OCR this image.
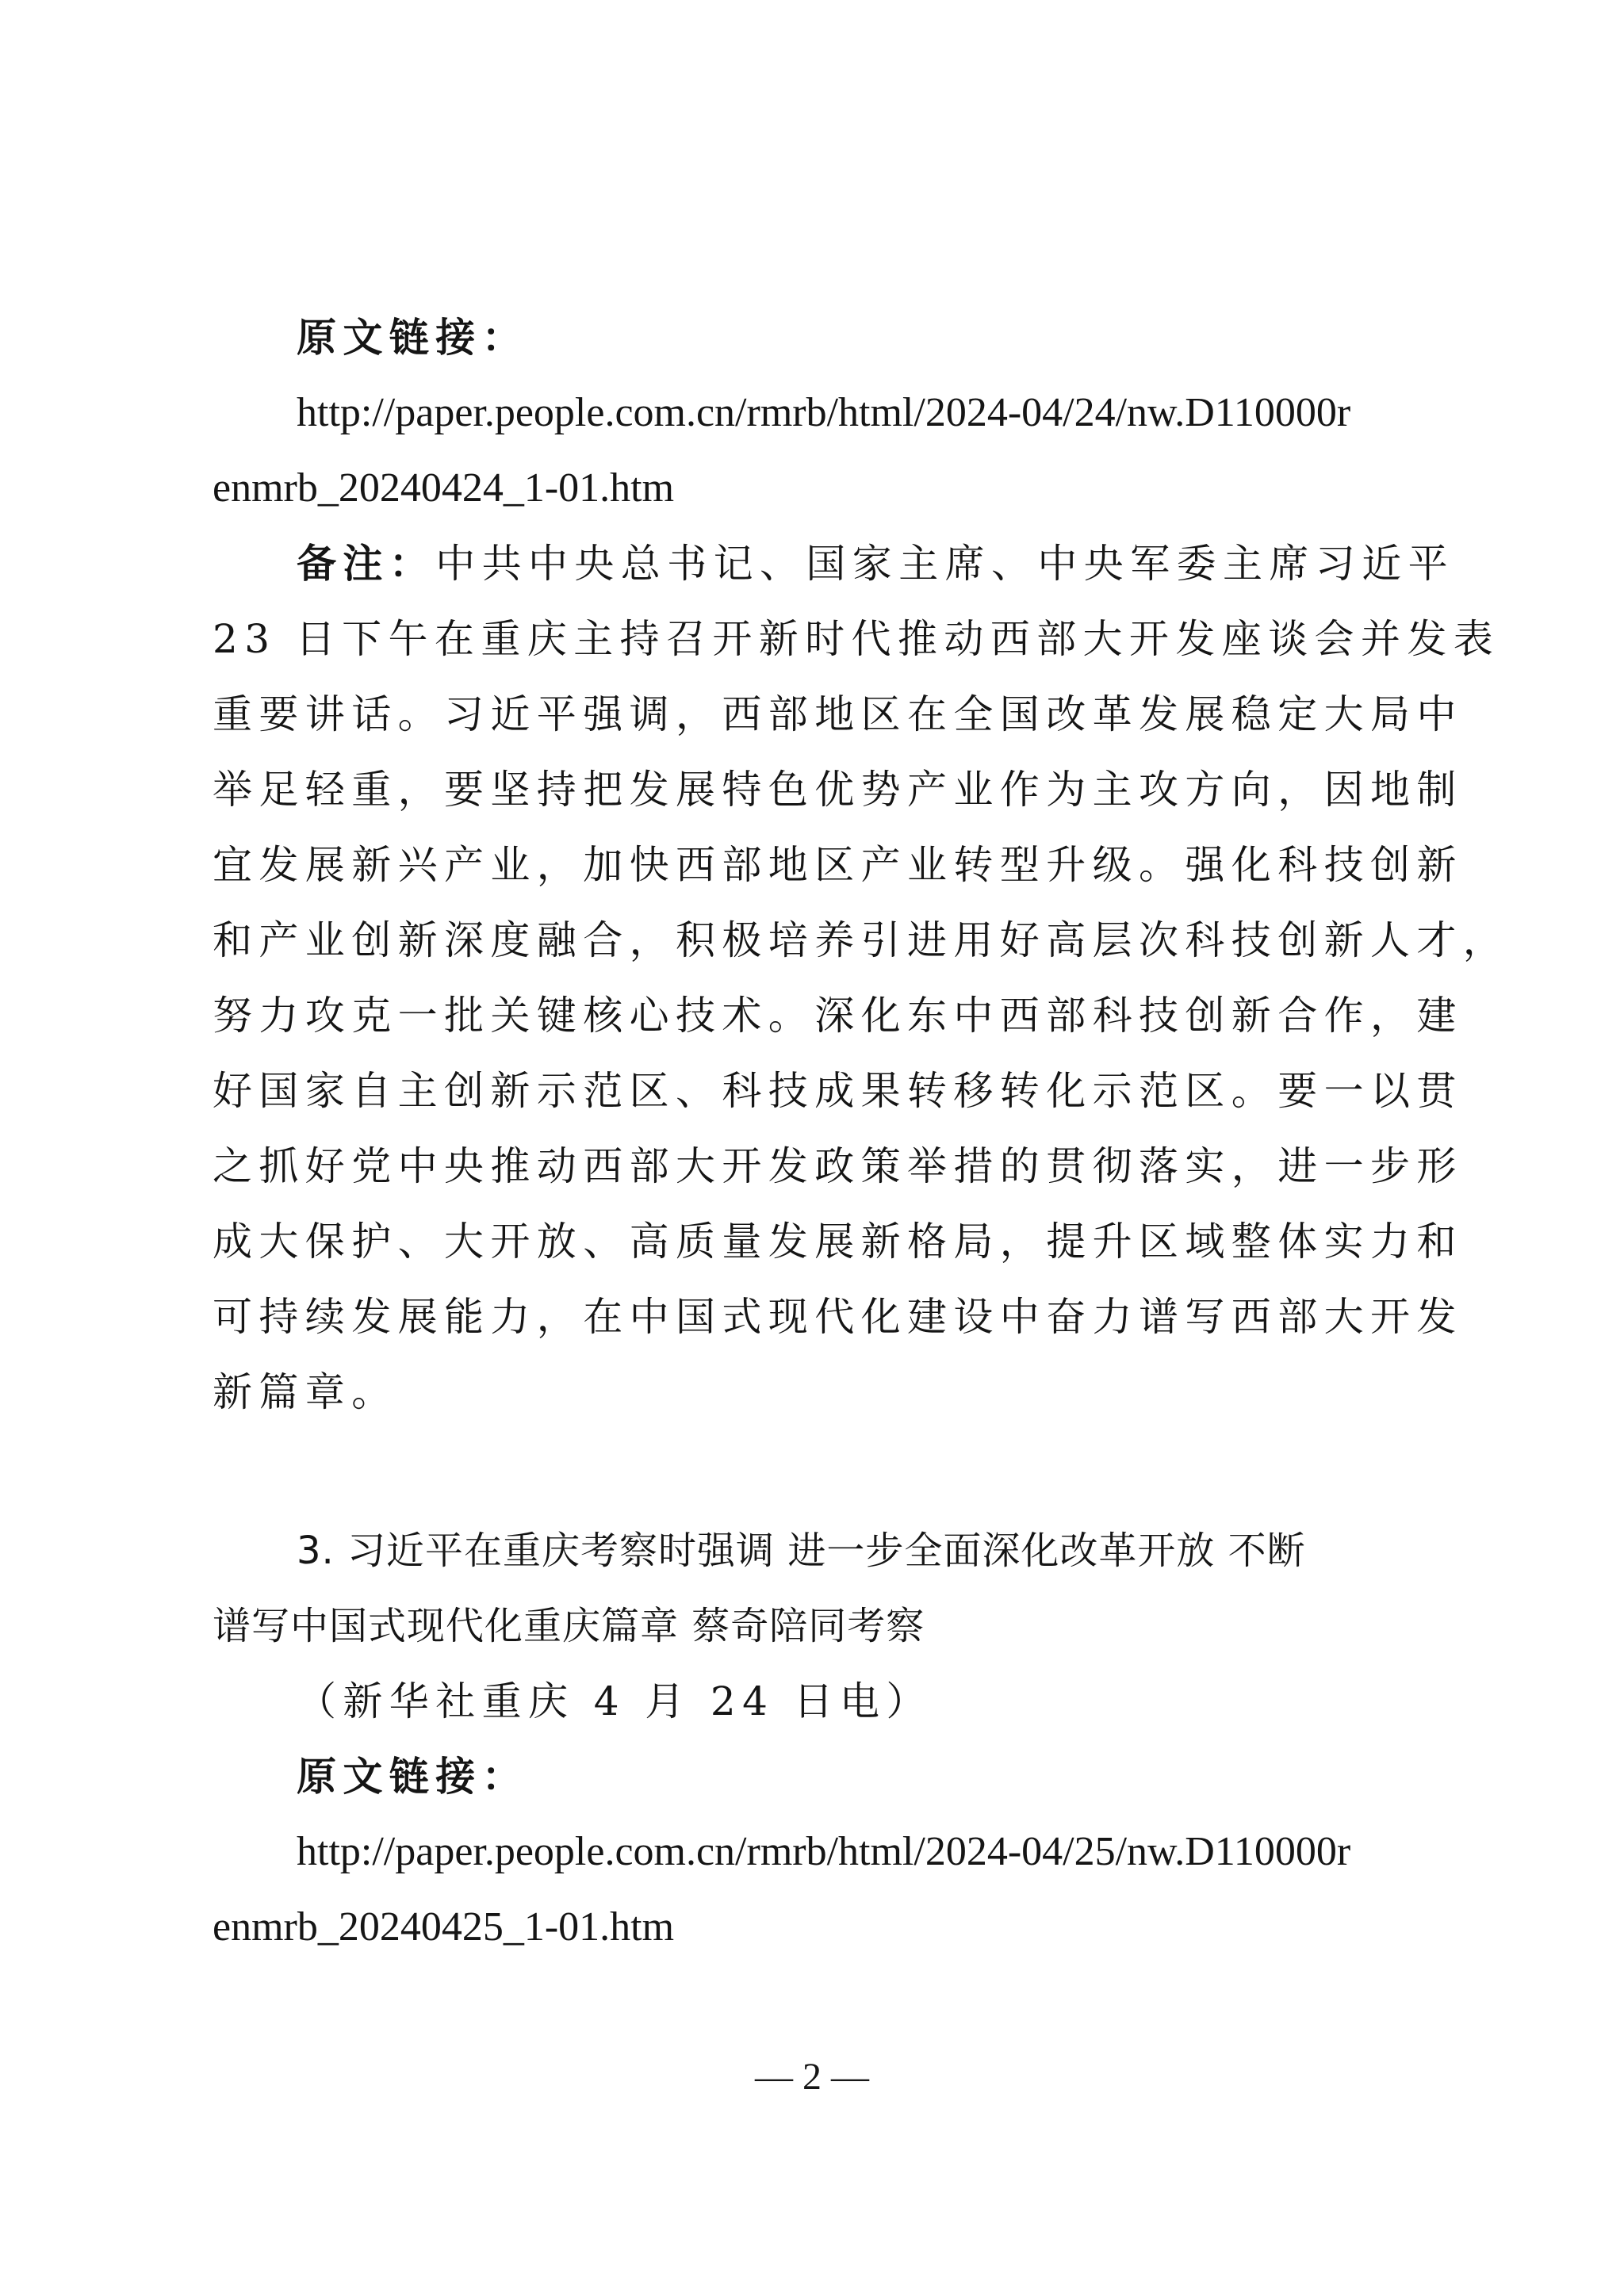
原文链接：
http://paper.people.com.cn/rmrb/html/2024-04/24/nw.D110000r
enmrb_20240424_1-01.htm
备注：中共中央总书记、国家主席、中央军委主席习近平
23 日下午在重庆主持召开新时代推动西部大开发座谈会并发表
重要讲话。习近平强调，西部地区在全国改革发展稳定大局中
举足轻重，要坚持把发展特色优势产业作为主攻方向，因地制
宜发展新兴产业，加快西部地区产业转型升级。强化科技创新
和产业创新深度融合，积极培养引进用好高层次科技创新人才，
努力攻克一批关键核心技术。深化东中西部科技创新合作，建
好国家自主创新示范区、科技成果转移转化示范区。要一以贯
之抓好党中央推动西部大开发政策举措的贯彻落实，进一步形
成大保护、大开放、高质量发展新格局，提升区域整体实力和
可持续发展能力，在中国式现代化建设中奋力谱写西部大开发
新篇章。
3. 习近平在重庆考察时强调 进一步全面深化改革开放 不断
谱写中国式现代化重庆篇章 蔡奇陪同考察
（新华社重庆 4 月 24 日电）
原文链接：
http://paper.people.com.cn/rmrb/html/2024-04/25/nw.D110000r
enmrb_20240425_1-01.htm
— 2 —
